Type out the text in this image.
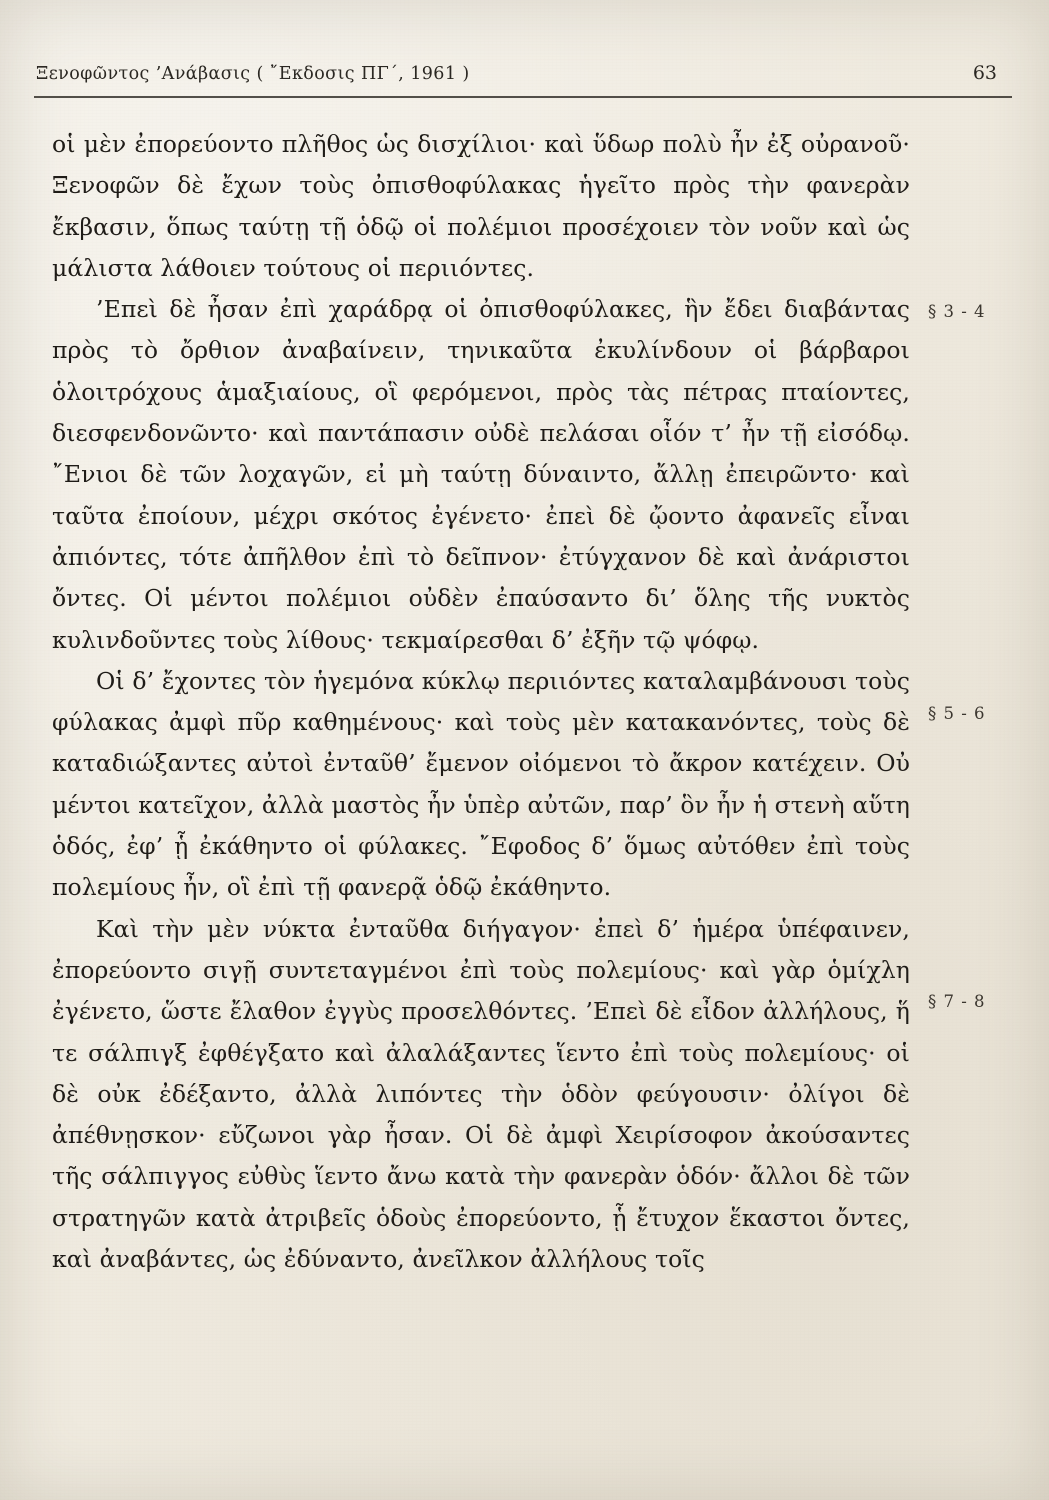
Ξενοφῶντος ’Ανάβασις ( ῎Εκδοσις ΠΓ΄, 1961 )	63

οἱ μὲν ἐπορεύοντο πλῆθος ὡς δισχίλιοι· καὶ ὕδωρ πολὺ ἦν ἐξ οὐρανοῦ· Ξενοφῶν δὲ ἔχων τοὺς ὀπισθοφύλακας ἡγεῖτο πρὸς τὴν φανερὰν ἔκβασιν, ὅπως ταύτῃ τῇ ὁδῷ οἱ πολέμιοι προσέχοιεν τὸν νοῦν καὶ ὡς μάλιστα λάθοιεν τούτους οἱ περιιόντες.

’Επεὶ δὲ ἦσαν ἐπὶ χαράδρᾳ οἱ ὀπισθοφύλακες, ἣν ἔδει διαβάντας πρὸς τὸ ὄρθιον ἀναβαίνειν, τηνικαῦτα ἐκυλίνδουν οἱ βάρβαροι ὁλοιτρόχους ἁμαξιαίους, οἳ φερόμενοι, πρὸς τὰς πέτρας πταίοντες, διεσφενδονῶντο· καὶ παντάπασιν οὐδὲ πελάσαι οἷόν τ’ ἦν τῇ εἰσόδῳ. ῎Ενιοι δὲ τῶν λοχαγῶν, εἰ μὴ ταύτῃ δύναιντο, ἄλλῃ ἐπειρῶντο· καὶ ταῦτα ἐποίουν, μέχρι σκότος ἐγένετο· ἐπεὶ δὲ ᾤοντο ἀφανεῖς εἶναι ἀπιόντες, τότε ἀπῆλθον ἐπὶ τὸ δεῖπνον· ἐτύγχανον δὲ καὶ ἀνάριστοι ὄντες. Οἱ μέντοι πολέμιοι οὐδὲν ἐπαύσαντο δι’ ὅλης τῆς νυκτὸς κυλινδοῦντες τοὺς λίθους· τεκμαίρεσθαι δ’ ἐξῆν τῷ ψόφῳ.

Οἱ δ’ ἔχοντες τὸν ἡγεμόνα κύκλῳ περιιόντες καταλαμβάνουσι τοὺς φύλακας ἀμφὶ πῦρ καθημένους· καὶ τοὺς μὲν κατακανόντες, τοὺς δὲ καταδιώξαντες αὐτοὶ ἐνταῦθ’ ἔμενον οἰόμενοι τὸ ἄκρον κατέχειν. Οὐ μέντοι κατεῖχον, ἀλλὰ μαστὸς ἦν ὑπὲρ αὐτῶν, παρ’ ὃν ἦν ἡ στενὴ αὕτη ὁδός, ἐφ’ ᾗ ἐκάθηντο οἱ φύλακες. ῎Εφοδος δ’ ὅμως αὐτόθεν ἐπὶ τοὺς πολεμίους ἦν, οἳ ἐπὶ τῇ φανερᾷ ὁδῷ ἐκάθηντο.

Καὶ τὴν μὲν νύκτα ἐνταῦθα διήγαγον· ἐπεὶ δ’ ἡμέρα ὑπέφαινεν, ἐπορεύοντο σιγῇ συντεταγμένοι ἐπὶ τοὺς πολεμίους· καὶ γὰρ ὁμίχλη ἐγένετο, ὥστε ἔλαθον ἐγγὺς προσελθόντες. ’Επεὶ δὲ εἶδον ἀλλήλους, ἥ τε σάλπιγξ ἐφθέγξατο καὶ ἀλαλάξαντες ἵεντο ἐπὶ τοὺς πολεμίους· οἱ δὲ οὐκ ἐδέξαντο, ἀλλὰ λιπόντες τὴν ὁδὸν φεύγουσιν· ὀλίγοι δὲ ἀπέθνῃσκον· εὔζωνοι γὰρ ἦσαν. Οἱ δὲ ἀμφὶ Χειρίσοφον ἀκούσαντες τῆς σάλπιγγος εὐθὺς ἵεντο ἄνω κατὰ τὴν φανερὰν ὁδόν· ἄλλοι δὲ τῶν στρατηγῶν κατὰ ἀτριβεῖς ὁδοὺς ἐπορεύοντο, ᾗ ἔτυχον ἕκαστοι ὄντες, καὶ ἀναβάντες, ὡς ἐδύναντο, ἀνεῖλκον ἀλλήλους τοῖς

§ 3 - 4
§ 5 - 6
§ 7 - 8
